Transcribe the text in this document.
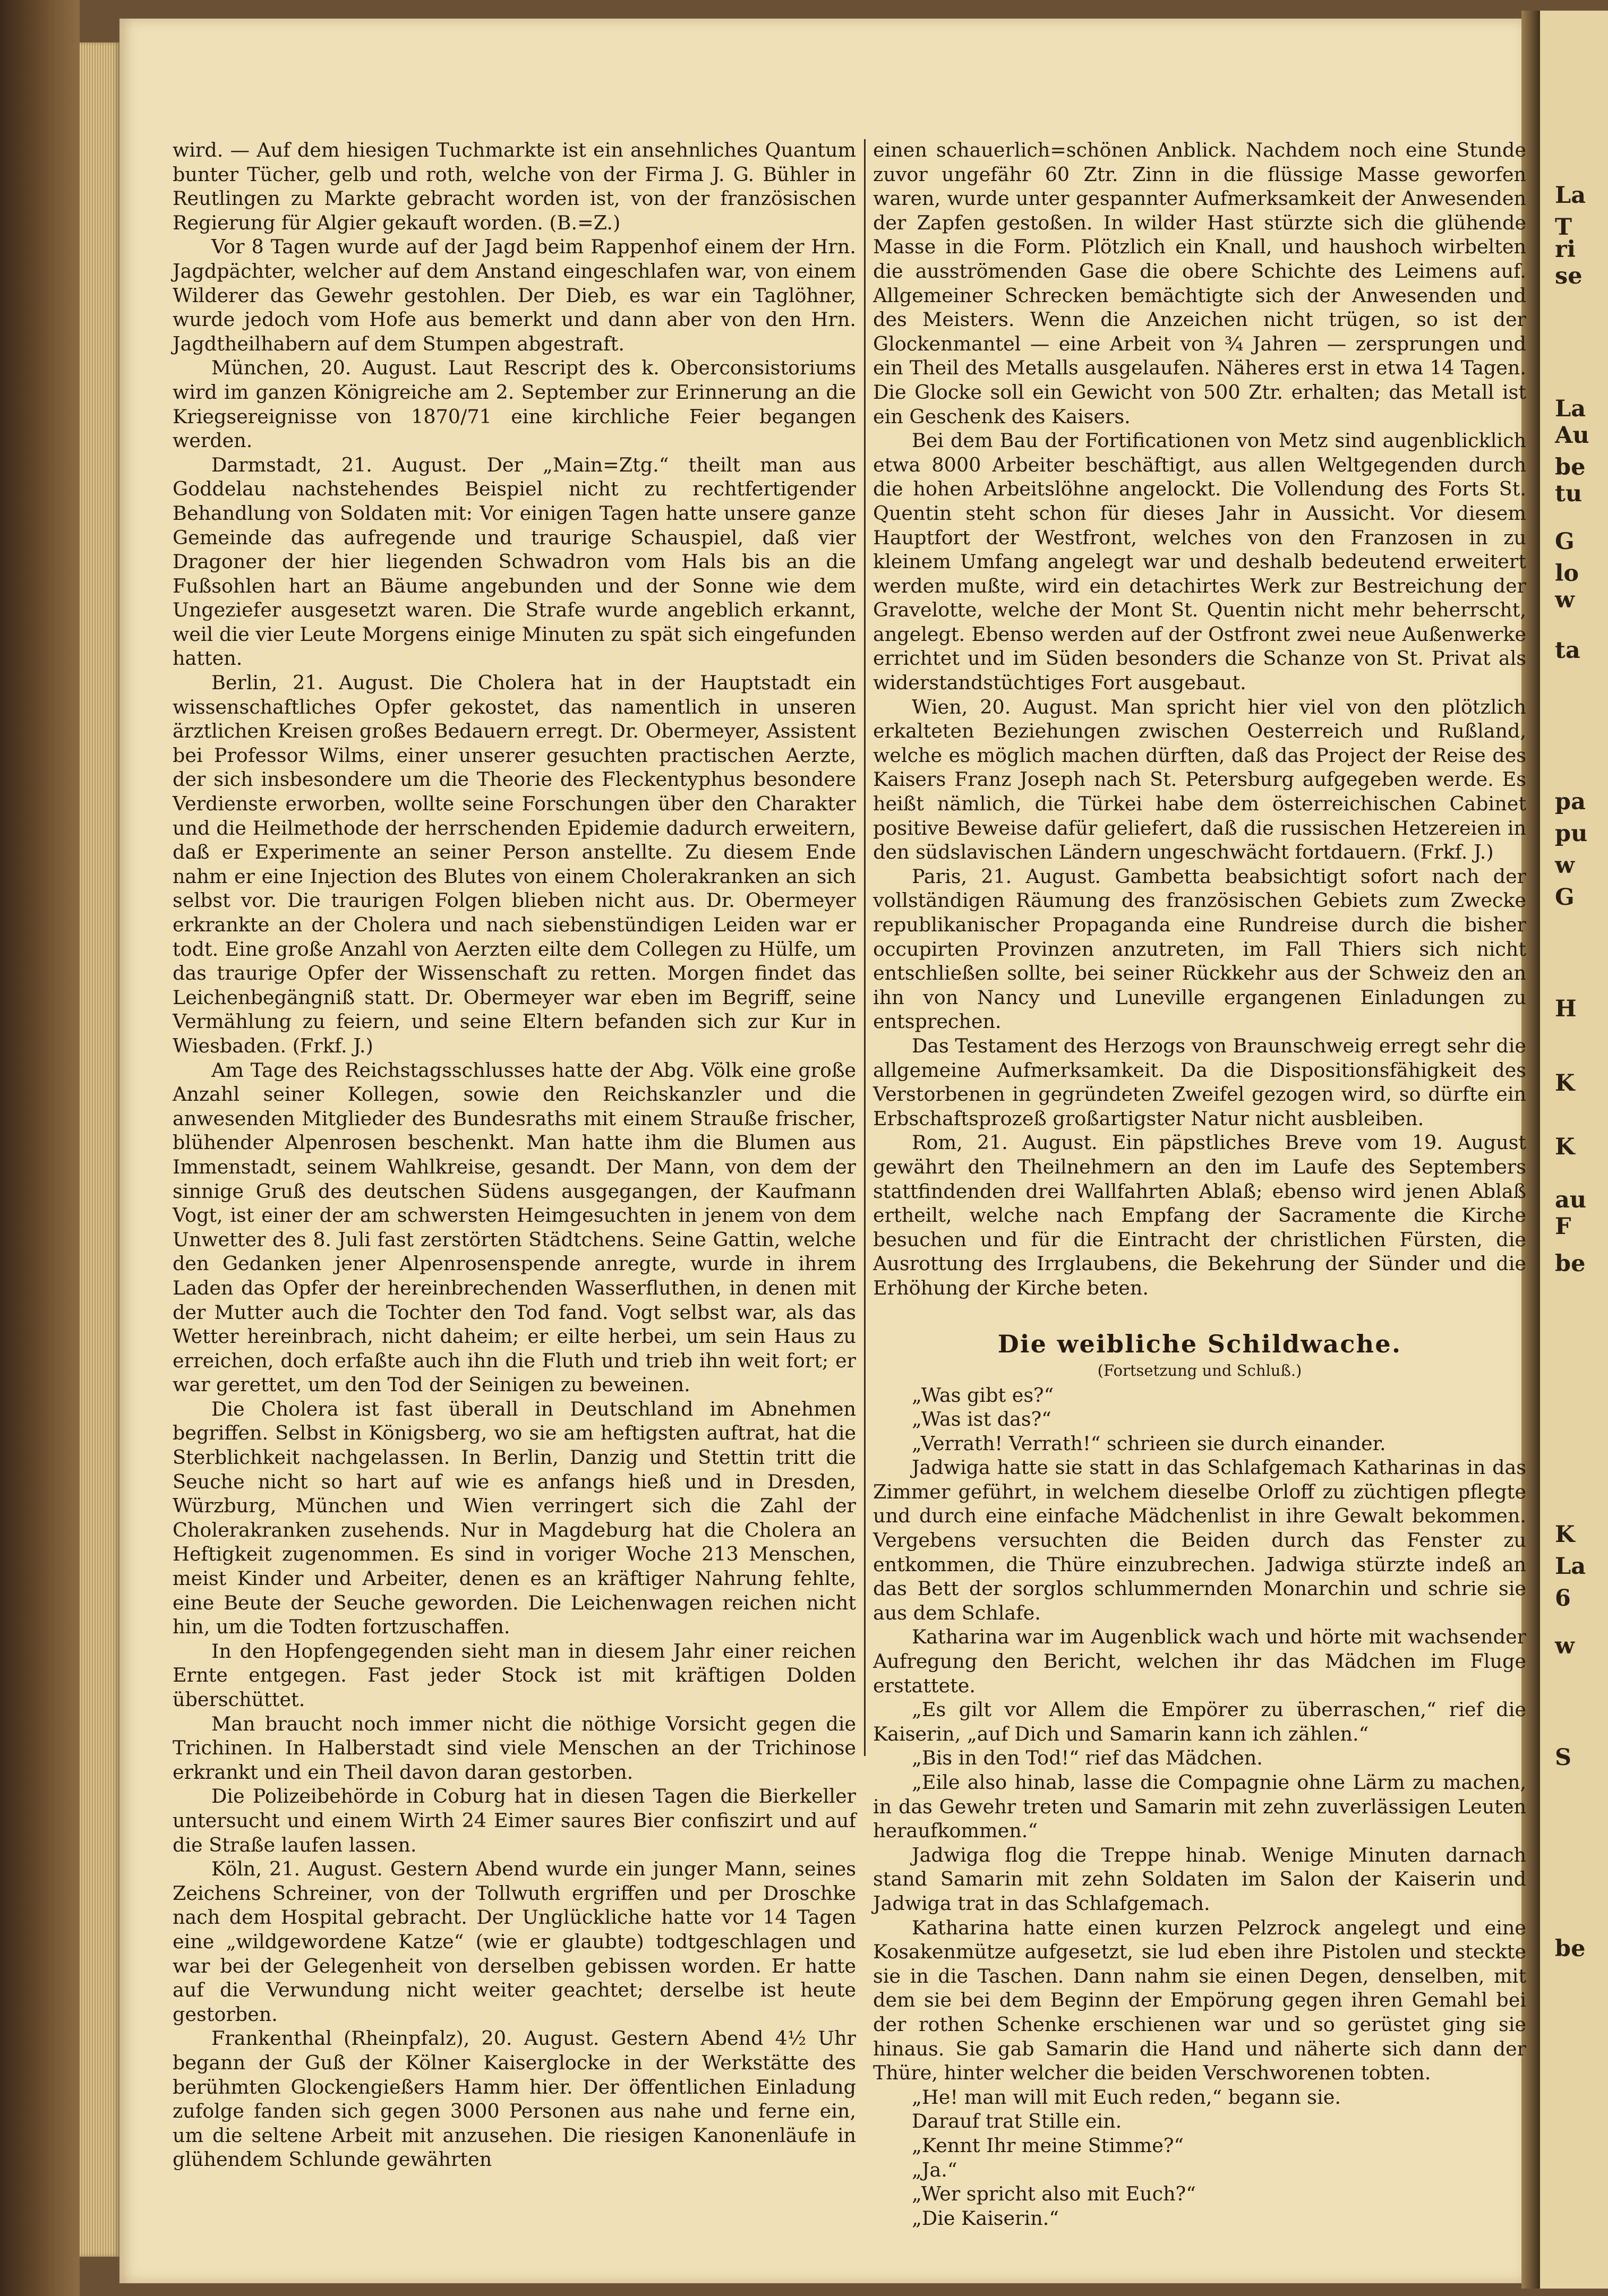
La
T
ri
se
La
Au
be
tu
G
lo
w
ta
pa
pu
w
G
H
K
K
au
F
be
K
La
6
w
S
be

wird. — Auf dem hiesigen Tuchmarkte ist ein ansehnliches Quantum bunter Tücher, gelb und roth, welche von der Firma J. G. Bühler in Reutlingen zu Markte gebracht worden ist, von der französischen Regierung für Algier gekauft worden. (B.=Z.)

Vor 8 Tagen wurde auf der Jagd beim Rappenhof einem der Hrn. Jagdpächter, welcher auf dem Anstand eingeschlafen war, von einem Wilderer das Gewehr gestohlen. Der Dieb, es war ein Taglöhner, wurde jedoch vom Hofe aus bemerkt und dann aber von den Hrn. Jagdtheilhabern auf dem Stumpen abgestraft.

München, 20. August. Laut Rescript des k. Oberconsistoriums wird im ganzen Königreiche am 2. September zur Erinnerung an die Kriegsereignisse von 1870/71 eine kirchliche Feier begangen werden.

Darmstadt, 21. August. Der „Main=Ztg.“ theilt man aus Goddelau nachstehendes Beispiel nicht zu rechtfertigender Behandlung von Soldaten mit: Vor einigen Tagen hatte unsere ganze Gemeinde das aufregende und traurige Schauspiel, daß vier Dragoner der hier liegenden Schwadron vom Hals bis an die Fußsohlen hart an Bäume angebunden und der Sonne wie dem Ungeziefer ausgesetzt waren. Die Strafe wurde angeblich erkannt, weil die vier Leute Morgens einige Minuten zu spät sich eingefunden hatten.

Berlin, 21. August. Die Cholera hat in der Hauptstadt ein wissenschaftliches Opfer gekostet, das namentlich in unseren ärztlichen Kreisen großes Bedauern erregt. Dr. Obermeyer, Assistent bei Professor Wilms, einer unserer gesuchten practischen Aerzte, der sich insbesondere um die Theorie des Fleckentyphus besondere Verdienste erworben, wollte seine Forschungen über den Charakter und die Heilmethode der herrschenden Epidemie dadurch erweitern, daß er Experimente an seiner Person anstellte. Zu diesem Ende nahm er eine Injection des Blutes von einem Cholerakranken an sich selbst vor. Die traurigen Folgen blieben nicht aus. Dr. Obermeyer erkrankte an der Cholera und nach siebenstündigen Leiden war er todt. Eine große Anzahl von Aerzten eilte dem Collegen zu Hülfe, um das traurige Opfer der Wissenschaft zu retten. Morgen findet das Leichenbegängniß statt. Dr. Obermeyer war eben im Begriff, seine Vermählung zu feiern, und seine Eltern befanden sich zur Kur in Wiesbaden. (Frkf. J.)

Am Tage des Reichstagsschlusses hatte der Abg. Völk eine große Anzahl seiner Kollegen, sowie den Reichskanzler und die anwesenden Mitglieder des Bundesraths mit einem Strauße frischer, blühender Alpenrosen beschenkt. Man hatte ihm die Blumen aus Immenstadt, seinem Wahlkreise, gesandt. Der Mann, von dem der sinnige Gruß des deutschen Südens ausgegangen, der Kaufmann Vogt, ist einer der am schwersten Heimgesuchten in jenem von dem Unwetter des 8. Juli fast zerstörten Städtchens. Seine Gattin, welche den Gedanken jener Alpenrosenspende anregte, wurde in ihrem Laden das Opfer der hereinbrechenden Wasserfluthen, in denen mit der Mutter auch die Tochter den Tod fand. Vogt selbst war, als das Wetter hereinbrach, nicht daheim; er eilte herbei, um sein Haus zu erreichen, doch erfaßte auch ihn die Fluth und trieb ihn weit fort; er war gerettet, um den Tod der Seinigen zu beweinen.

Die Cholera ist fast überall in Deutschland im Abnehmen begriffen. Selbst in Königsberg, wo sie am heftigsten auftrat, hat die Sterblichkeit nachgelassen. In Berlin, Danzig und Stettin tritt die Seuche nicht so hart auf wie es anfangs hieß und in Dresden, Würzburg, München und Wien verringert sich die Zahl der Cholerakranken zusehends. Nur in Magdeburg hat die Cholera an Heftigkeit zugenommen. Es sind in voriger Woche 213 Menschen, meist Kinder und Arbeiter, denen es an kräftiger Nahrung fehlte, eine Beute der Seuche geworden. Die Leichenwagen reichen nicht hin, um die Todten fortzuschaffen.

In den Hopfengegenden sieht man in diesem Jahr einer reichen Ernte entgegen. Fast jeder Stock ist mit kräftigen Dolden überschüttet.

Man braucht noch immer nicht die nöthige Vorsicht gegen die Trichinen. In Halberstadt sind viele Menschen an der Trichinose erkrankt und ein Theil davon daran gestorben.

Die Polizeibehörde in Coburg hat in diesen Tagen die Bierkeller untersucht und einem Wirth 24 Eimer saures Bier confiszirt und auf die Straße laufen lassen.

Köln, 21. August. Gestern Abend wurde ein junger Mann, seines Zeichens Schreiner, von der Tollwuth ergriffen und per Droschke nach dem Hospital gebracht. Der Unglückliche hatte vor 14 Tagen eine „wildgewordene Katze“ (wie er glaubte) todtgeschlagen und war bei der Gelegenheit von derselben gebissen worden. Er hatte auf die Verwundung nicht weiter geachtet; derselbe ist heute gestorben.

Frankenthal (Rheinpfalz), 20. August. Gestern Abend 4½ Uhr begann der Guß der Kölner Kaiserglocke in der Werkstätte des berühmten Glockengießers Hamm hier. Der öffentlichen Einladung zufolge fanden sich gegen 3000 Personen aus nahe und ferne ein, um die seltene Arbeit mit anzusehen. Die riesigen Kanonenläufe in glühendem Schlunde gewährten

einen schauerlich=schönen Anblick. Nachdem noch eine Stunde zuvor ungefähr 60 Ztr. Zinn in die flüssige Masse geworfen waren, wurde unter gespannter Aufmerksamkeit der Anwesenden der Zapfen gestoßen. In wilder Hast stürzte sich die glühende Masse in die Form. Plötzlich ein Knall, und haushoch wirbelten die ausströmenden Gase die obere Schichte des Leimens auf. Allgemeiner Schrecken bemächtigte sich der Anwesenden und des Meisters. Wenn die Anzeichen nicht trügen, so ist der Glockenmantel — eine Arbeit von ¾ Jahren — zersprungen und ein Theil des Metalls ausgelaufen. Näheres erst in etwa 14 Tagen. Die Glocke soll ein Gewicht von 500 Ztr. erhalten; das Metall ist ein Geschenk des Kaisers.

Bei dem Bau der Fortificationen von Metz sind augenblicklich etwa 8000 Arbeiter beschäftigt, aus allen Weltgegenden durch die hohen Arbeitslöhne angelockt. Die Vollendung des Forts St. Quentin steht schon für dieses Jahr in Aussicht. Vor diesem Hauptfort der Westfront, welches von den Franzosen in zu kleinem Umfang angelegt war und deshalb bedeutend erweitert werden mußte, wird ein detachirtes Werk zur Bestreichung der Gravelotte, welche der Mont St. Quentin nicht mehr beherrscht, angelegt. Ebenso werden auf der Ostfront zwei neue Außenwerke errichtet und im Süden besonders die Schanze von St. Privat als widerstandstüchtiges Fort ausgebaut.

Wien, 20. August. Man spricht hier viel von den plötzlich erkalteten Beziehungen zwischen Oesterreich und Rußland, welche es möglich machen dürften, daß das Project der Reise des Kaisers Franz Joseph nach St. Petersburg aufgegeben werde. Es heißt nämlich, die Türkei habe dem österreichischen Cabinet positive Beweise dafür geliefert, daß die russischen Hetzereien in den südslavischen Ländern ungeschwächt fortdauern. (Frkf. J.)

Paris, 21. August. Gambetta beabsichtigt sofort nach der vollständigen Räumung des französischen Gebiets zum Zwecke republikanischer Propaganda eine Rundreise durch die bisher occupirten Provinzen anzutreten, im Fall Thiers sich nicht entschließen sollte, bei seiner Rückkehr aus der Schweiz den an ihn von Nancy und Luneville ergangenen Einladungen zu entsprechen.

Das Testament des Herzogs von Braunschweig erregt sehr die allgemeine Aufmerksamkeit. Da die Dispositionsfähigkeit des Verstorbenen in gegründeten Zweifel gezogen wird, so dürfte ein Erbschaftsprozeß großartigster Natur nicht ausbleiben.

Rom, 21. August. Ein päpstliches Breve vom 19. August gewährt den Theilnehmern an den im Laufe des Septembers stattfindenden drei Wallfahrten Ablaß; ebenso wird jenen Ablaß ertheilt, welche nach Empfang der Sacramente die Kirche besuchen und für die Eintracht der christlichen Fürsten, die Ausrottung des Irrglaubens, die Bekehrung der Sünder und die Erhöhung der Kirche beten.

Die weibliche Schildwache.
(Fortsetzung und Schluß.)

„Was gibt es?“

„Was ist das?“

„Verrath! Verrath!“ schrieen sie durch einander.

Jadwiga hatte sie statt in das Schlafgemach Katharinas in das Zimmer geführt, in welchem dieselbe Orloff zu züchtigen pflegte und durch eine einfache Mädchenlist in ihre Gewalt bekommen. Vergebens versuchten die Beiden durch das Fenster zu entkommen, die Thüre einzubrechen. Jadwiga stürzte indeß an das Bett der sorglos schlummernden Monarchin und schrie sie aus dem Schlafe.

Katharina war im Augenblick wach und hörte mit wachsender Aufregung den Bericht, welchen ihr das Mädchen im Fluge erstattete.

„Es gilt vor Allem die Empörer zu überraschen,“ rief die Kaiserin, „auf Dich und Samarin kann ich zählen.“

„Bis in den Tod!“ rief das Mädchen.

„Eile also hinab, lasse die Compagnie ohne Lärm zu machen, in das Gewehr treten und Samarin mit zehn zuverlässigen Leuten heraufkommen.“

Jadwiga flog die Treppe hinab. Wenige Minuten darnach stand Samarin mit zehn Soldaten im Salon der Kaiserin und Jadwiga trat in das Schlafgemach.

Katharina hatte einen kurzen Pelzrock angelegt und eine Kosakenmütze aufgesetzt, sie lud eben ihre Pistolen und steckte sie in die Taschen. Dann nahm sie einen Degen, denselben, mit dem sie bei dem Beginn der Empörung gegen ihren Gemahl bei der rothen Schenke erschienen war und so gerüstet ging sie hinaus. Sie gab Samarin die Hand und näherte sich dann der Thüre, hinter welcher die beiden Verschworenen tobten.

„He! man will mit Euch reden,“ begann sie.

Darauf trat Stille ein.

„Kennt Ihr meine Stimme?“

„Ja.“

„Wer spricht also mit Euch?“

„Die Kaiserin.“
